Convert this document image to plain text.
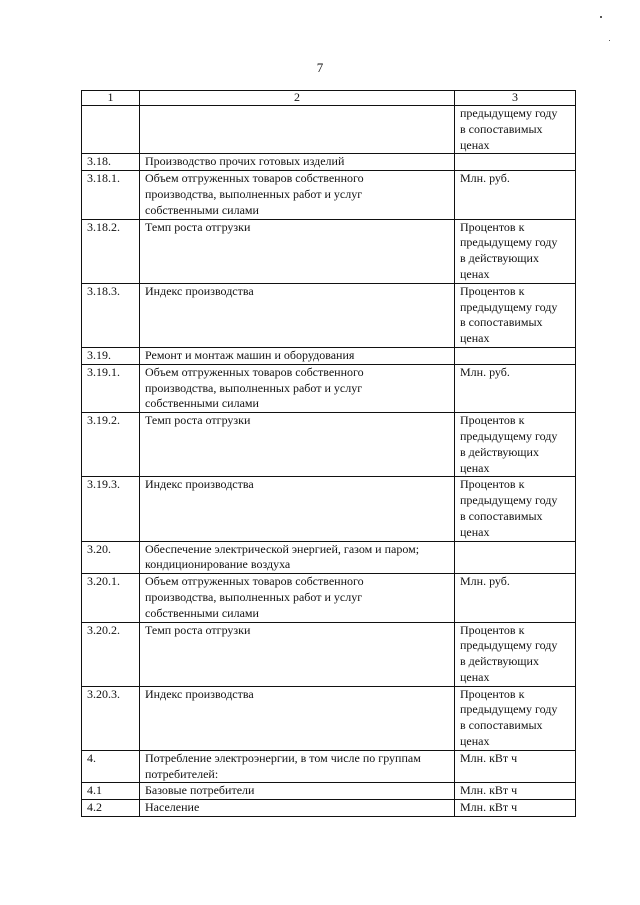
7
1	2	3

предыдущему году
в сопоставимых
ценах

3.18.	Производство прочих готовых изделий

3.18.1.	Объем отгруженных товаров собственного
производства, выполненных работ и услуг
собственными силами	Млн. руб.

3.18.2.	Темп роста отгрузки	Процентов к
предыдущему году
в действующих
ценах

3.18.3.	Индекс производства	Процентов к
предыдущему году
в сопоставимых
ценах

3.19.	Ремонт и монтаж машин и оборудования

3.19.1.	Объем отгруженных товаров собственного
производства, выполненных работ и услуг
собственными силами	Млн. руб.

3.19.2.	Темп роста отгрузки	Процентов к
предыдущему году
в действующих
ценах

3.19.3.	Индекс производства	Процентов к
предыдущему году
в сопоставимых
ценах

3.20.	Обеспечение электрической энергией, газом и паром;
кондиционирование воздуха

3.20.1.	Объем отгруженных товаров собственного
производства, выполненных работ и услуг
собственными силами	Млн. руб.

3.20.2.	Темп роста отгрузки	Процентов к
предыдущему году
в действующих
ценах

3.20.3.	Индекс производства	Процентов к
предыдущему году
в сопоставимых
ценах

4.	Потребление электроэнергии, в том числе по группам
потребителей:	Млн. кВт ч

4.1	Базовые потребители	Млн. кВт ч

4.2	Население	Млн. кВт ч
